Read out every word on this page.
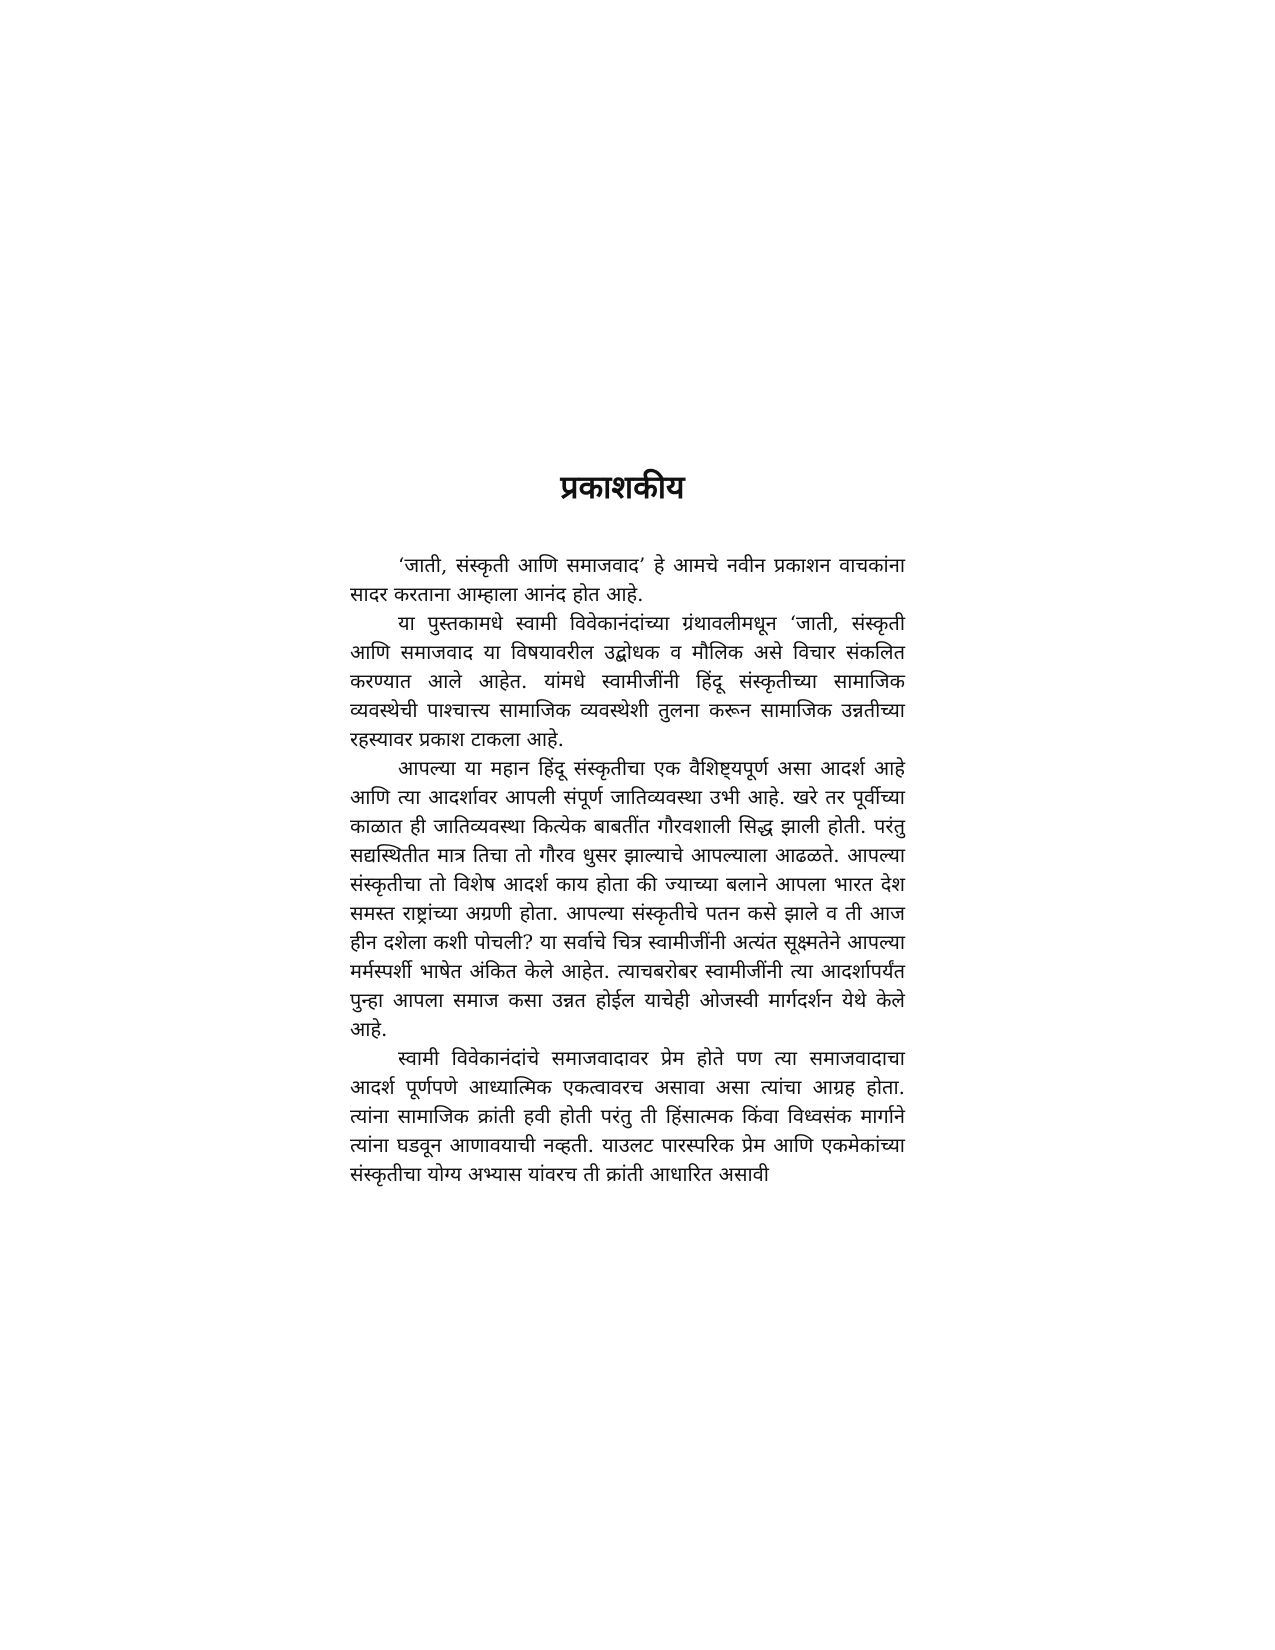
प्रकाशकीय

‘जाती, संस्कृती आणि समाजवाद’ हे आमचे नवीन प्रकाशन वाचकांना सादर करताना आम्हाला आनंद होत आहे.

या पुस्तकामधे स्वामी विवेकानंदांच्या ग्रंथावलीमधून ‘जाती, संस्कृती आणि समाजवाद या विषयावरील उद्बोधक व मौलिक असे विचार संकलित करण्यात आले आहेत. यांमधे स्वामीजींनी हिंदू संस्कृतीच्या सामाजिक व्यवस्थेची पाश्चात्त्य सामाजिक व्यवस्थेशी तुलना करून सामाजिक उन्नतीच्या रहस्यावर प्रकाश टाकला आहे.

आपल्या या महान हिंदू संस्कृतीचा एक वैशिष्ट्यपूर्ण असा आदर्श आहे आणि त्या आदर्शावर आपली संपूर्ण जातिव्यवस्था उभी आहे. खरे तर पूर्वीच्या काळात ही जातिव्यवस्था कित्येक बाबतींत गौरवशाली सिद्ध झाली होती. परंतु सद्यस्थितीत मात्र तिचा तो गौरव धुसर झाल्याचे आपल्याला आढळते. आपल्या संस्कृतीचा तो विशेष आदर्श काय होता की ज्याच्या बलाने आपला भारत देश समस्त राष्ट्रांच्या अग्रणी होता. आपल्या संस्कृतीचे पतन कसे झाले व ती आज हीन दशेला कशी पोचली? या सर्वाचे चित्र स्वामीजींनी अत्यंत सूक्ष्मतेने आपल्या मर्मस्पर्शी भाषेत अंकित केले आहेत. त्याचबरोबर स्वामीजींनी त्या आदर्शापर्यंत पुन्हा आपला समाज कसा उन्नत होईल याचेही ओजस्वी मार्गदर्शन येथे केले आहे.

स्वामी विवेकानंदांचे समाजवादावर प्रेम होते पण त्या समाजवादाचा आदर्श पूर्णपणे आध्यात्मिक एकत्वावरच असावा असा त्यांचा आग्रह होता. त्यांना सामाजिक क्रांती हवी होती परंतु ती हिंसात्मक किंवा विध्वसंक मार्गाने त्यांना घडवून आणावयाची नव्हती. याउलट पारस्परिक प्रेम आणि एकमेकांच्या संस्कृतीचा योग्य अभ्यास यांवरच ती क्रांती आधारित असावी
